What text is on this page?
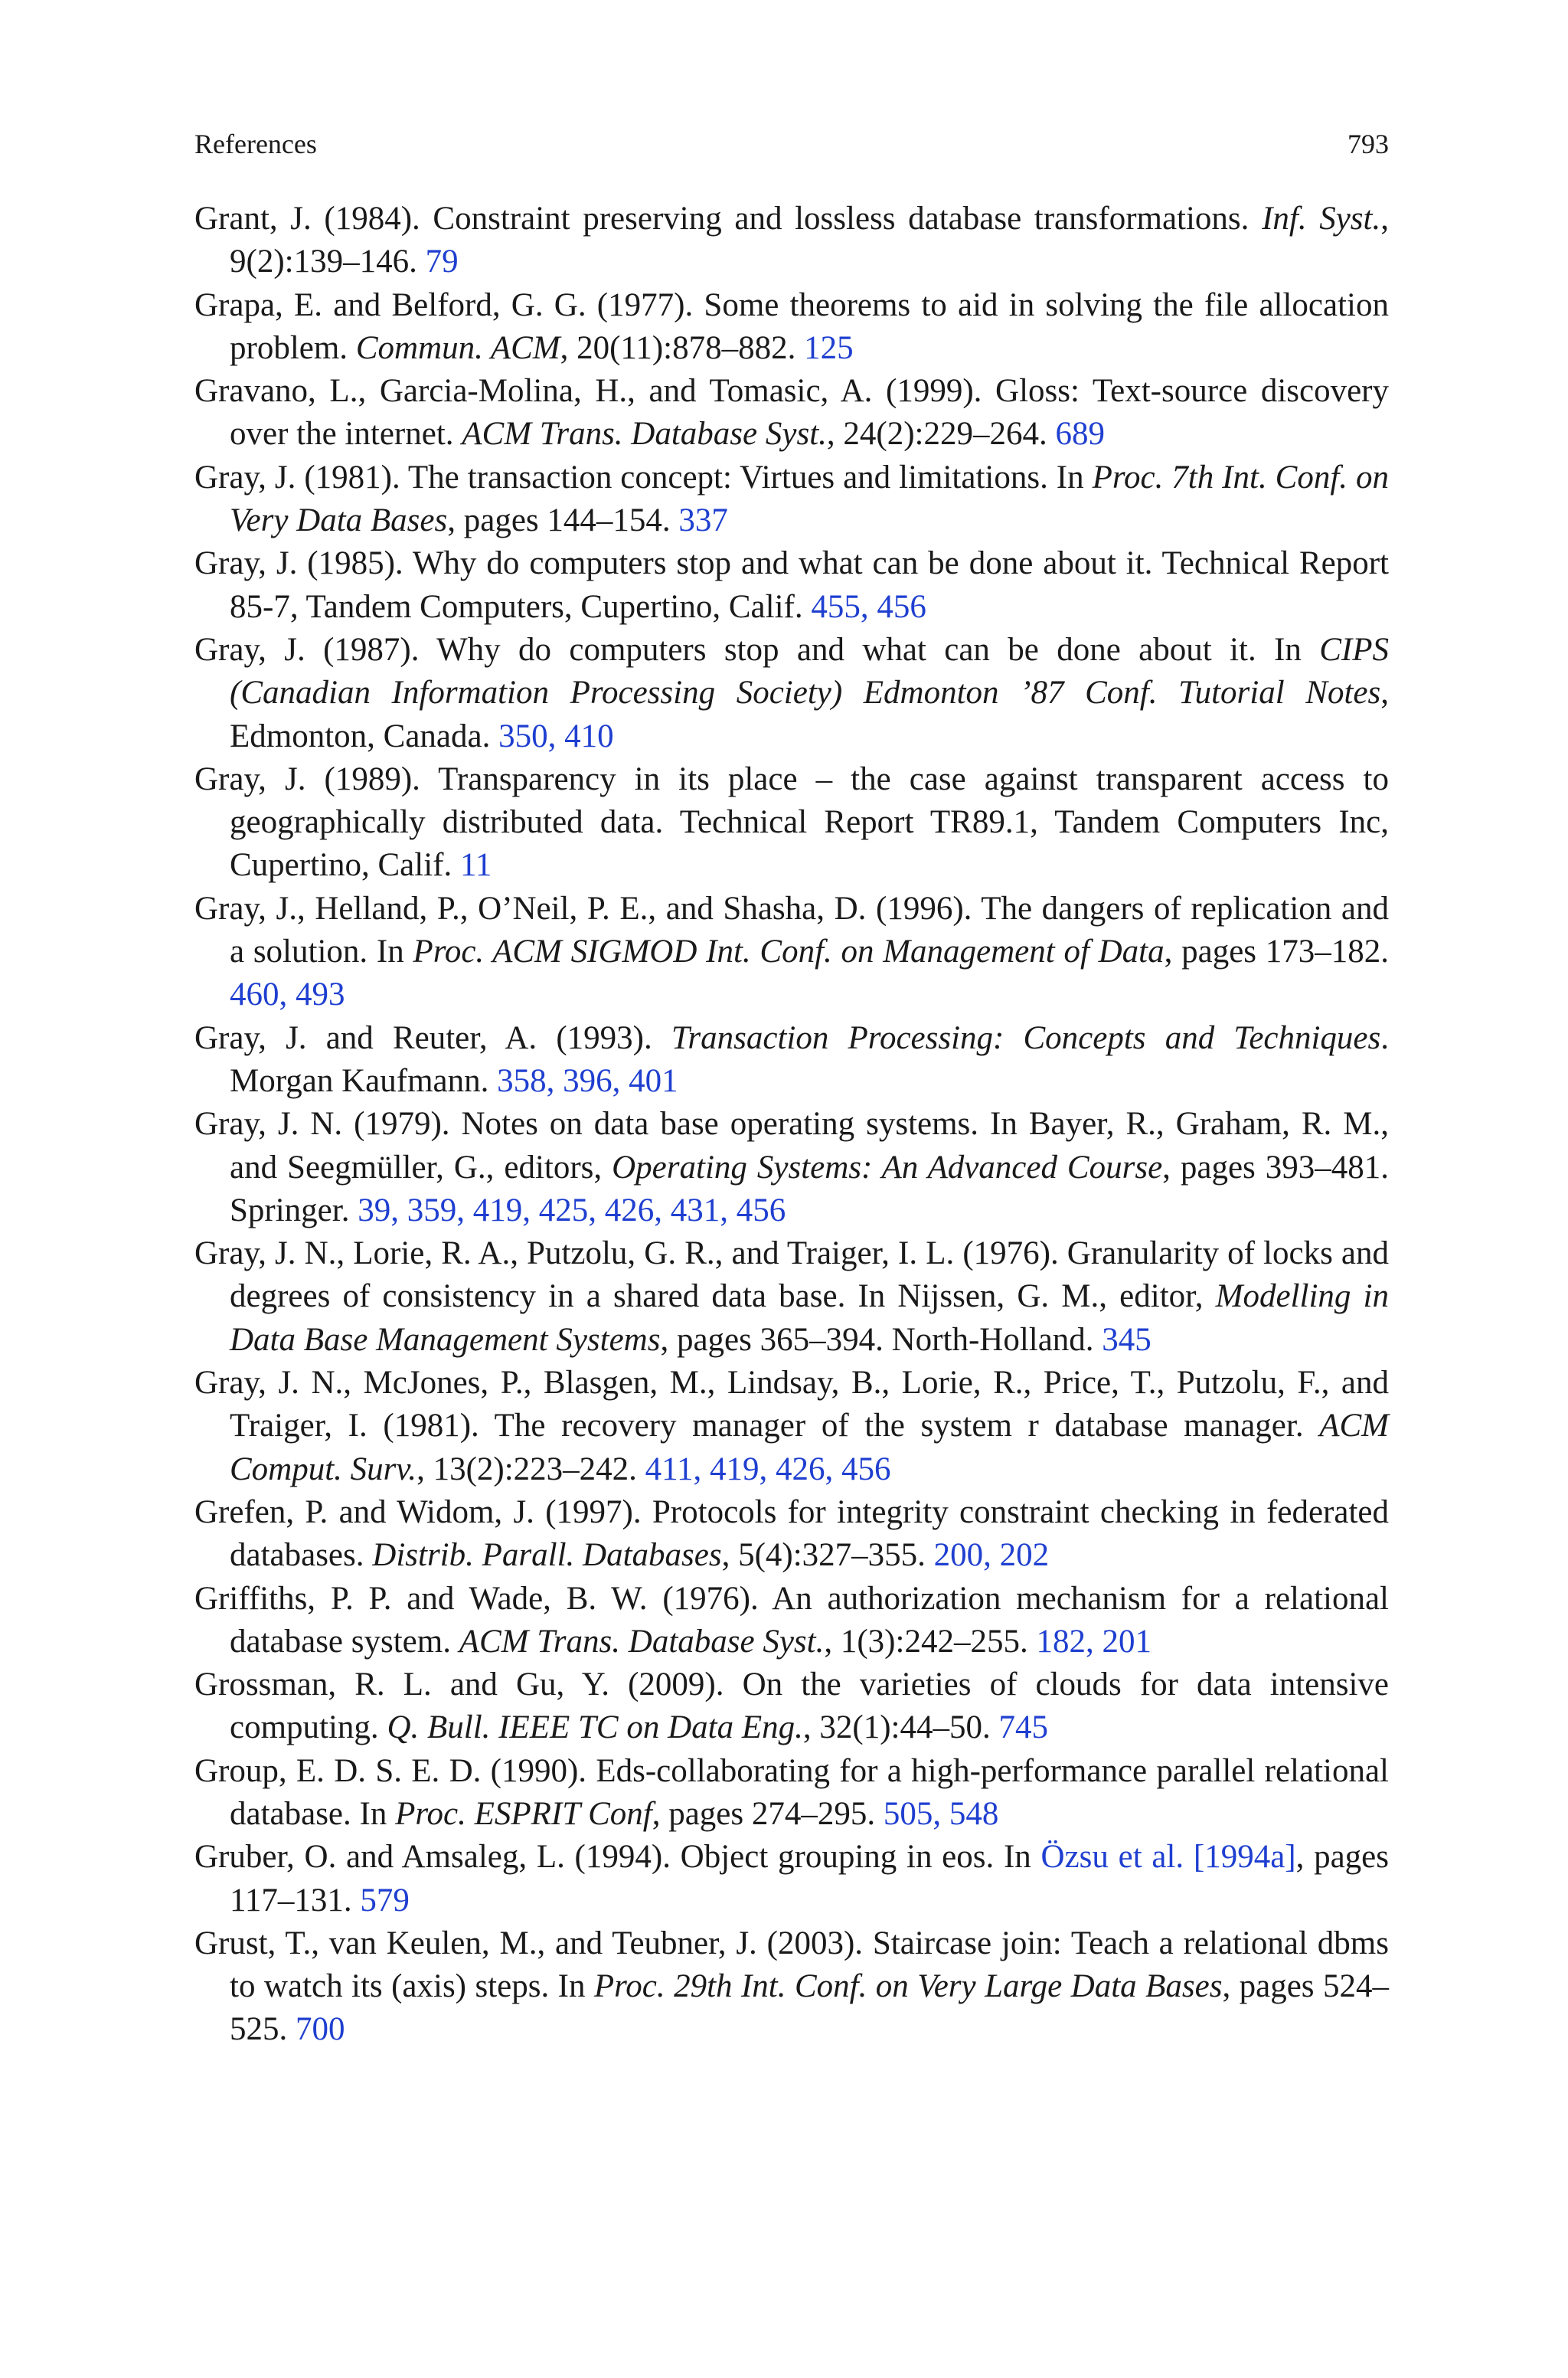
References	793

Grant, J. (1984). Constraint preserving and lossless database transformations. Inf. Syst., 9(2):139–146. 79

Grapa, E. and Belford, G. G. (1977). Some theorems to aid in solving the file allocation problem. Commun. ACM, 20(11):878–882. 125

Gravano, L., Garcia-Molina, H., and Tomasic, A. (1999). Gloss: Text-source discovery over the internet. ACM Trans. Database Syst., 24(2):229–264. 689

Gray, J. (1981). The transaction concept: Virtues and limitations. In Proc. 7th Int. Conf. on Very Data Bases, pages 144–154. 337

Gray, J. (1985). Why do computers stop and what can be done about it. Technical Report 85-7, Tandem Computers, Cupertino, Calif. 455, 456

Gray, J. (1987). Why do computers stop and what can be done about it. In CIPS (Canadian Information Processing Society) Edmonton ’87 Conf. Tutorial Notes, Edmonton, Canada. 350, 410

Gray, J. (1989). Transparency in its place – the case against transparent access to geographically distributed data. Technical Report TR89.1, Tandem Computers Inc, Cupertino, Calif. 11

Gray, J., Helland, P., O’Neil, P. E., and Shasha, D. (1996). The dangers of replication and a solution. In Proc. ACM SIGMOD Int. Conf. on Management of Data, pages 173–182. 460, 493

Gray, J. and Reuter, A. (1993). Transaction Processing: Concepts and Techniques. Morgan Kaufmann. 358, 396, 401

Gray, J. N. (1979). Notes on data base operating systems. In Bayer, R., Graham, R. M., and Seegmüller, G., editors, Operating Systems: An Advanced Course, pages 393–481. Springer. 39, 359, 419, 425, 426, 431, 456

Gray, J. N., Lorie, R. A., Putzolu, G. R., and Traiger, I. L. (1976). Granularity of locks and degrees of consistency in a shared data base. In Nijssen, G. M., editor, Modelling in Data Base Management Systems, pages 365–394. North-Holland. 345

Gray, J. N., McJones, P., Blasgen, M., Lindsay, B., Lorie, R., Price, T., Putzolu, F., and Traiger, I. (1981). The recovery manager of the system r database manager. ACM Comput. Surv., 13(2):223–242. 411, 419, 426, 456

Grefen, P. and Widom, J. (1997). Protocols for integrity constraint checking in federated databases. Distrib. Parall. Databases, 5(4):327–355. 200, 202

Griffiths, P. P. and Wade, B. W. (1976). An authorization mechanism for a relational database system. ACM Trans. Database Syst., 1(3):242–255. 182, 201

Grossman, R. L. and Gu, Y. (2009). On the varieties of clouds for data intensive computing. Q. Bull. IEEE TC on Data Eng., 32(1):44–50. 745

Group, E. D. S. E. D. (1990). Eds-collaborating for a high-performance parallel relational database. In Proc. ESPRIT Conf, pages 274–295. 505, 548

Gruber, O. and Amsaleg, L. (1994). Object grouping in eos. In Özsu et al. [1994a], pages 117–131. 579

Grust, T., van Keulen, M., and Teubner, J. (2003). Staircase join: Teach a relational dbms to watch its (axis) steps. In Proc. 29th Int. Conf. on Very Large Data Bases, pages 524–525. 700
